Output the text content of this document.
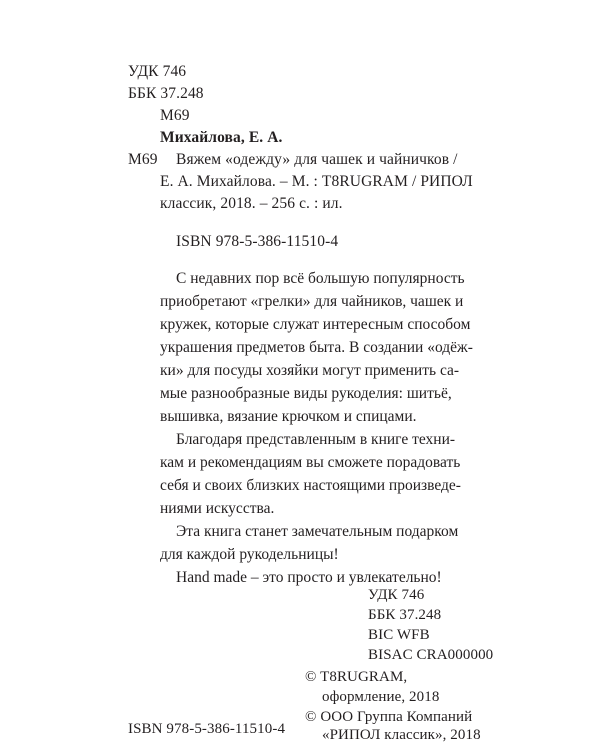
УДК 746
ББК 37.248
М69
Михайлова, Е. А.
М69 Вяжем «одежду» для чашек и чайничков /
Е. А. Михайлова. – М. : T8RUGRAM / РИПОЛ
классик, 2018. – 256 с. : ил.
ISBN 978-5-386-11510-4
С недавних пор всё большую популярность
приобретают «грелки» для чайников, чашек и
кружек, которые служат интересным способом
украшения предметов быта. В создании «одёж-
ки» для посуды хозяйки могут применить са-
мые разнообразные виды рукоделия: шитьё,
вышивка, вязание крючком и спицами.
Благодаря представленным в книге техни-
кам и рекомендациям вы сможете порадовать
себя и своих близких настоящими произведе-
ниями искусства.
Эта книга станет замечательным подарком
для каждой рукодельницы!
Hand made – это просто и увлекательно!
УДК 746
ББК 37.248
BIC WFB
BISAC CRA000000
© T8RUGRAM,
оформление, 2018
© ООО Группа Компаний
«РИПОЛ классик», 2018
ISBN 978-5-386-11510-4
